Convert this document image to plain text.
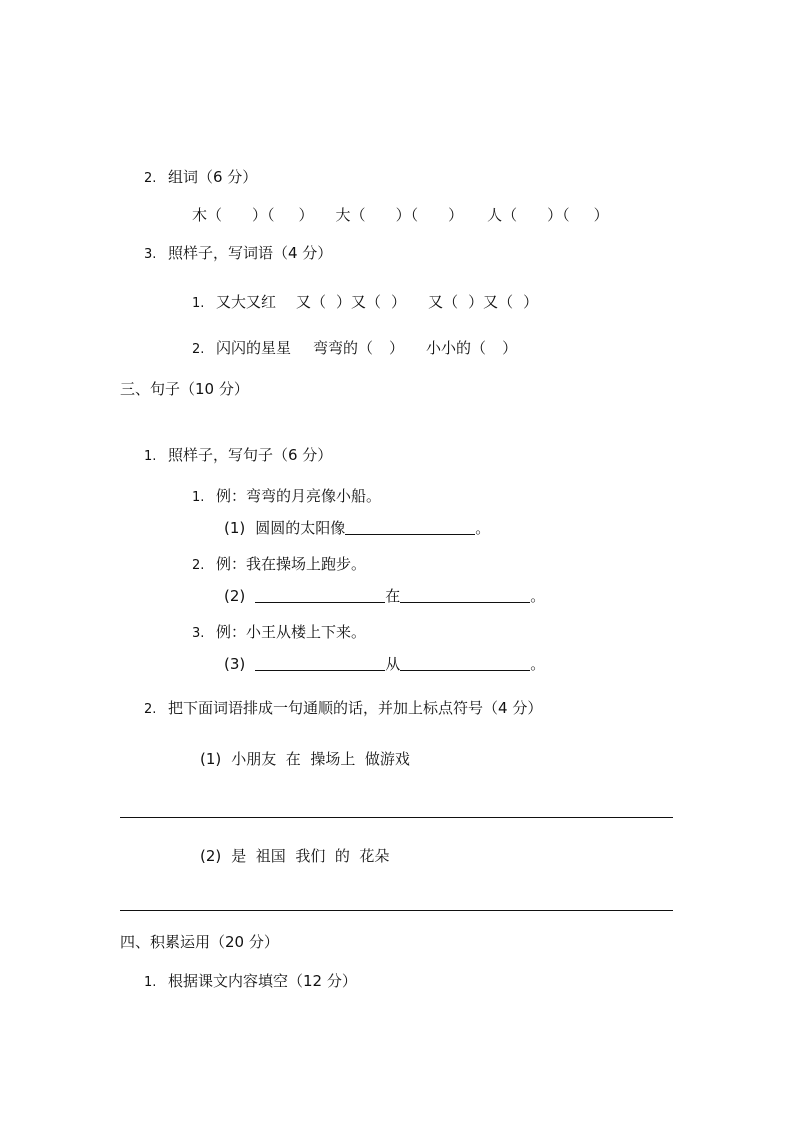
2. 组词（6 分）
木（ ）（ ） 大（ ）（ ） 人（ ）（ ）
3. 照样子，写词语（4 分）
1. 又大又红 又（ ）又（ ） 又（ ）又（ ）
2. 闪闪的星星 弯弯的（ ） 小小的（ ）
三、句子（10 分）
1. 照样子，写句子（6 分）
1. 例：弯弯的月亮像小船。
(1) 圆圆的太阳像	。
2. 例：我在操场上跑步。
(2)	在	。
3. 例：小王从楼上下来。
(3)	从	。
2. 把下面词语排成一句通顺的话，并加上标点符号（4 分）
(1) 小朋友  在  操场上  做游戏
(2) 是  祖国  我们  的  花朵
四、积累运用（20 分）
1. 根据课文内容填空（12 分）
